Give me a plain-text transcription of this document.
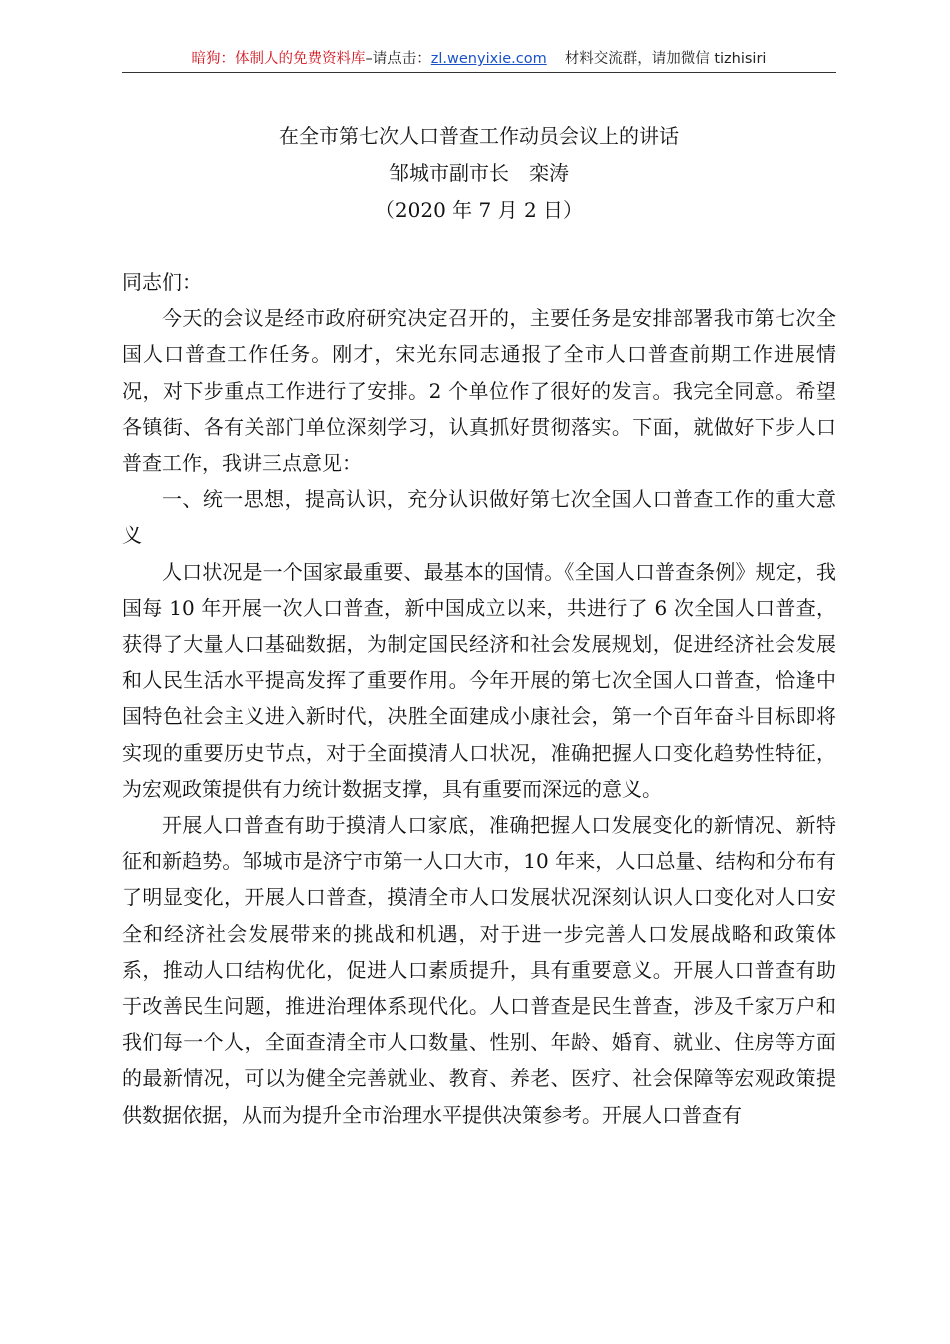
暗狗：体制人的免费资料库–请点击：zl.wenyixie.com 材料交流群，请加微信 tizhisiri
在全市第七次人口普查工作动员会议上的讲话
邹城市副市长　栾涛
（2020 年 7 月 2 日）

同志们：

今天的会议是经市政府研究决定召开的，主要任务是安排部署我市第七次全国人口普查工作任务。刚才，宋光东同志通报了全市人口普查前期工作进展情况，对下步重点工作进行了安排。2 个单位作了很好的发言。我完全同意。希望各镇街、各有关部门单位深刻学习，认真抓好贯彻落实。下面，就做好下步人口普查工作，我讲三点意见：

一、统一思想，提高认识，充分认识做好第七次全国人口普查工作的重大意义

人口状况是一个国家最重要、最基本的国情。《全国人口普查条例》规定，我国每 10 年开展一次人口普查，新中国成立以来，共进行了 6 次全国人口普查，获得了大量人口基础数据，为制定国民经济和社会发展规划，促进经济社会发展和人民生活水平提高发挥了重要作用。今年开展的第七次全国人口普查，恰逢中国特色社会主义进入新时代，决胜全面建成小康社会，第一个百年奋斗目标即将实现的重要历史节点，对于全面摸清人口状况，准确把握人口变化趋势性特征，为宏观政策提供有力统计数据支撑，具有重要而深远的意义。

开展人口普查有助于摸清人口家底，准确把握人口发展变化的新情况、新特征和新趋势。邹城市是济宁市第一人口大市，10 年来，人口总量、结构和分布有了明显变化，开展人口普查，摸清全市人口发展状况深刻认识人口变化对人口安全和经济社会发展带来的挑战和机遇，对于进一步完善人口发展战略和政策体系，推动人口结构优化，促进人口素质提升，具有重要意义。开展人口普查有助于改善民生问题，推进治理体系现代化。人口普查是民生普查，涉及千家万户和我们每一个人，全面查清全市人口数量、性别、年龄、婚育、就业、住房等方面的最新情况，可以为健全完善就业、教育、养老、医疗、社会保障等宏观政策提供数据依据，从而为提升全市治理水平提供决策参考。开展人口普查有
